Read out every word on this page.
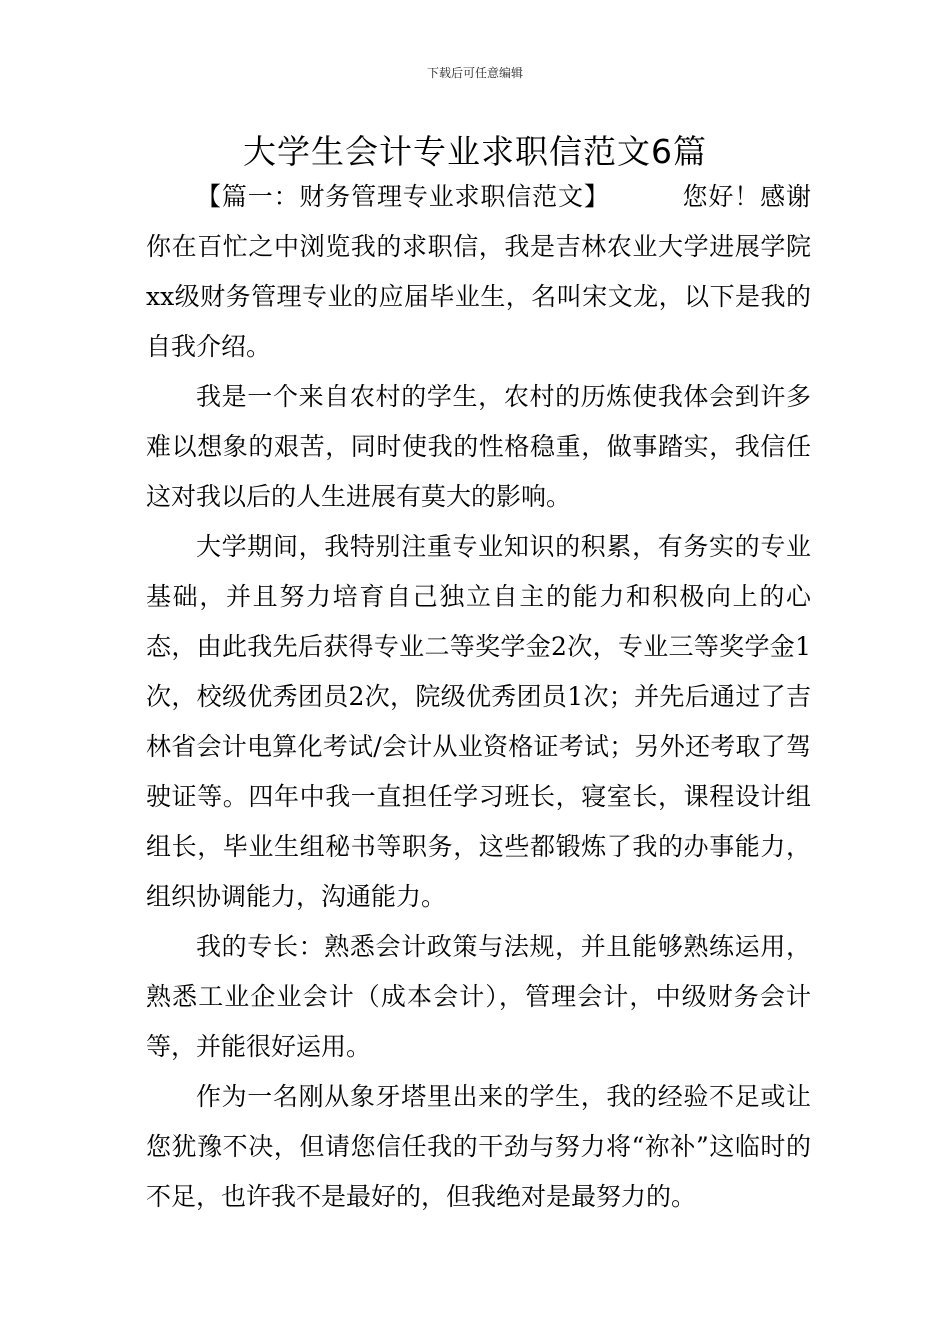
下载后可任意编辑
大学生会计专业求职信范文6篇

【篇一：财务管理专业求职信范文】	您好！感谢你在百忙之中浏览我的求职信，我是吉林农业大学进展学院xx级财务管理专业的应届毕业生，名叫宋文龙，以下是我的自我介绍。

我是一个来自农村的学生，农村的历炼使我体会到许多难以想象的艰苦，同时使我的性格稳重，做事踏实，我信任这对我以后的人生进展有莫大的影响。

大学期间，我特别注重专业知识的积累，有务实的专业基础，并且努力培育自己独立自主的能力和积极向上的心态，由此我先后获得专业二等奖学金2次，专业三等奖学金1次，校级优秀团员2次，院级优秀团员1次；并先后通过了吉林省会计电算化考试/会计从业资格证考试；另外还考取了驾驶证等。四年中我一直担任学习班长，寝室长，课程设计组组长，毕业生组秘书等职务，这些都锻炼了我的办事能力，组织协调能力，沟通能力。

我的专长：熟悉会计政策与法规，并且能够熟练运用，熟悉工业企业会计（成本会计），管理会计，中级财务会计等，并能很好运用。

作为一名刚从象牙塔里出来的学生，我的经验不足或让您犹豫不决，但请您信任我的干劲与努力将“祢补”这临时的不足，也许我不是最好的，但我绝对是最努力的。
